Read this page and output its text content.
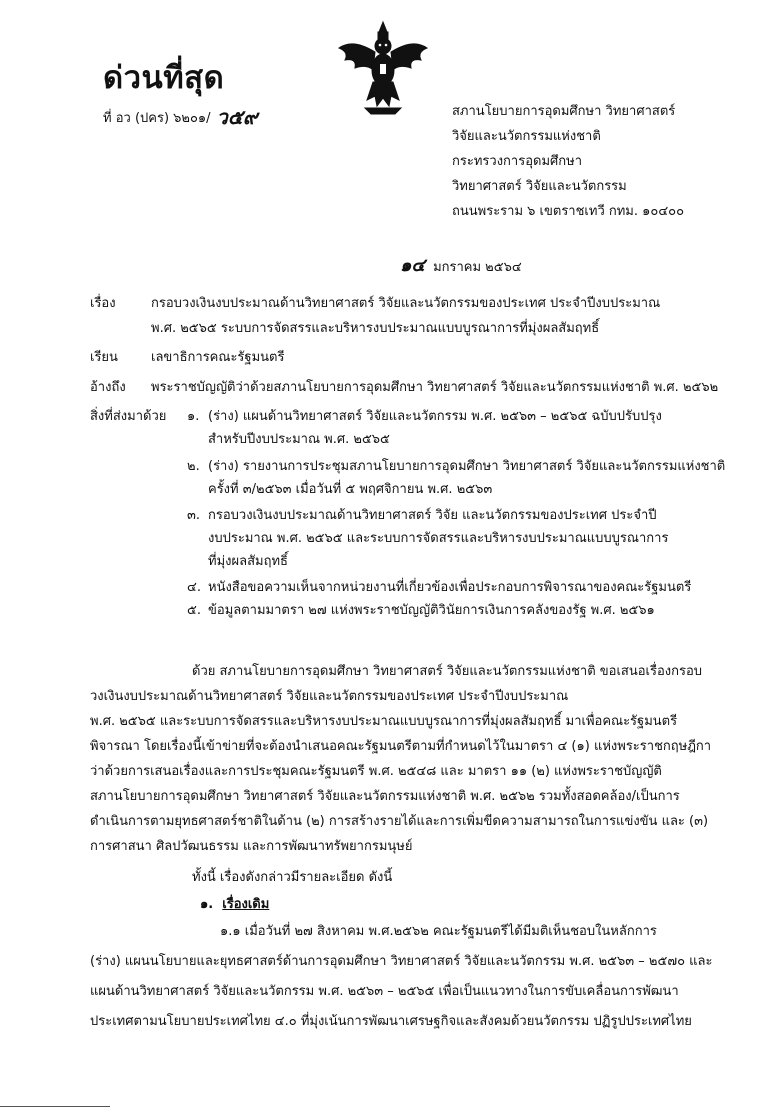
ด่วนที่สุด
ที่ อว (ปคร) ๖๒๐๑/ ว๕๙	สภานโยบายการอุดมศึกษา วิทยาศาสตร์
วิจัยและนวัตกรรมแห่งชาติ
กระทรวงการอุดมศึกษา
วิทยาศาสตร์ วิจัยและนวัตกรรม
ถนนพระราม ๖ เขตราชเทวี กทม. ๑๐๔๐๐
๑๔ มกราคม ๒๕๖๔
เรื่อง	กรอบวงเงินงบประมาณด้านวิทยาศาสตร์ วิจัยและนวัตกรรมของประเทศ ประจำปีงบประมาณ
พ.ศ. ๒๕๖๕ ระบบการจัดสรรและบริหารงบประมาณแบบบูรณาการที่มุ่งผลสัมฤทธิ์
เรียน	เลขาธิการคณะรัฐมนตรี
อ้างถึง พระราชบัญญัติว่าด้วยสภานโยบายการอุดมศึกษา วิทยาศาสตร์ วิจัยและนวัตกรรมแห่งชาติ พ.ศ. ๒๕๖๒
สิ่งที่ส่งมาด้วย ๑. (ร่าง) แผนด้านวิทยาศาสตร์ วิจัยและนวัตกรรม พ.ศ. ๒๕๖๓ – ๒๕๖๕ ฉบับปรับปรุง
สำหรับปีงบประมาณ พ.ศ. ๒๕๖๕
๒. (ร่าง) รายงานการประชุมสภานโยบายการอุดมศึกษา วิทยาศาสตร์ วิจัยและนวัตกรรมแห่งชาติ
ครั้งที่ ๓/๒๕๖๓ เมื่อวันที่ ๕ พฤศจิกายน พ.ศ. ๒๕๖๓
๓. กรอบวงเงินงบประมาณด้านวิทยาศาสตร์ วิจัย และนวัตกรรมของประเทศ ประจำปี
งบประมาณ พ.ศ. ๒๕๖๕ และระบบการจัดสรรและบริหารงบประมาณแบบบูรณาการ
ที่มุ่งผลสัมฤทธิ์
๔. หนังสือขอความเห็นจากหน่วยงานที่เกี่ยวข้องเพื่อประกอบการพิจารณาของคณะรัฐมนตรี
๕. ข้อมูลตามมาตรา ๒๗ แห่งพระราชบัญญัติวินัยการเงินการคลังของรัฐ พ.ศ. ๒๕๖๑
ด้วย สภานโยบายการอุดมศึกษา วิทยาศาสตร์ วิจัยและนวัตกรรมแห่งชาติ ขอเสนอเรื่องกรอบ
วงเงินงบประมาณด้านวิทยาศาสตร์ วิจัยและนวัตกรรมของประเทศ ประจำปีงบประมาณ
พ.ศ. ๒๕๖๕ และระบบการจัดสรรและบริหารงบประมาณแบบบูรณาการที่มุ่งผลสัมฤทธิ์ มาเพื่อคณะรัฐมนตรี
พิจารณา โดยเรื่องนี้เข้าข่ายที่จะต้องนำเสนอคณะรัฐมนตรีตามที่กำหนดไว้ในมาตรา ๔ (๑) แห่งพระราชกฤษฎีกา
ว่าด้วยการเสนอเรื่องและการประชุมคณะรัฐมนตรี พ.ศ. ๒๕๔๘ และ มาตรา ๑๑ (๒) แห่งพระราชบัญญัติ
สภานโยบายการอุดมศึกษา วิทยาศาสตร์ วิจัยและนวัตกรรมแห่งชาติ พ.ศ. ๒๕๖๒ รวมทั้งสอดคล้อง/เป็นการ
ดำเนินการตามยุทธศาสตร์ชาติในด้าน (๒) การสร้างรายได้และการเพิ่มขีดความสามารถในการแข่งขัน และ (๓)
การศาสนา ศิลปวัฒนธรรม และการพัฒนาทรัพยากรมนุษย์
ทั้งนี้ เรื่องดังกล่าวมีรายละเอียด ดังนี้
๑. เรื่องเดิม
๑.๑ เมื่อวันที่ ๒๗ สิงหาคม พ.ศ.๒๕๖๒ คณะรัฐมนตรีได้มีมติเห็นชอบในหลักการ
(ร่าง) แผนนโยบายและยุทธศาสตร์ด้านการอุดมศึกษา วิทยาศาสตร์ วิจัยและนวัตกรรม พ.ศ. ๒๕๖๓ – ๒๕๗๐ และ
แผนด้านวิทยาศาสตร์ วิจัยและนวัตกรรม พ.ศ. ๒๕๖๓ – ๒๕๖๕ เพื่อเป็นแนวทางในการขับเคลื่อนการพัฒนา
ประเทศตามนโยบายประเทศไทย ๔.๐ ที่มุ่งเน้นการพัฒนาเศรษฐกิจและสังคมด้วยนวัตกรรม ปฏิรูปประเทศไทย
